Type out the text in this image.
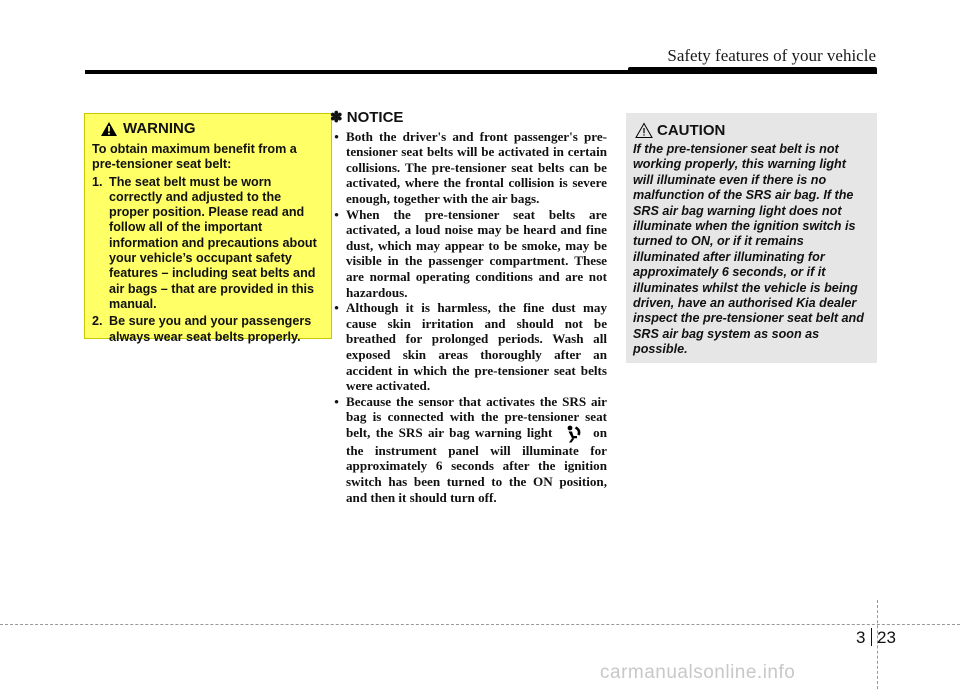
Safety features of your vehicle
WARNING
To obtain maximum benefit from a pre-tensioner seat belt:
1. The seat belt must be worn correctly and adjusted to the proper position. Please read and follow all of the important information and precautions about your vehicle’s occupant safety features – including seat belts and air bags – that are provided in this manual.
2. Be sure you and your passengers always wear seat belts properly.
✽ NOTICE
• Both the driver's and front passenger's pre-tensioner seat belts will be activated in certain collisions. The pre-tensioner seat belts can be activated, where the frontal collision is severe enough, together with the air bags.
• When the pre-tensioner seat belts are activated, a loud noise may be heard and fine dust, which may appear to be smoke, may be visible in the passenger compartment. These are normal operating conditions and are not hazardous.
• Although it is harmless, the fine dust may cause skin irritation and should not be breathed for prolonged periods. Wash all exposed skin areas thoroughly after an accident in which the pre-tensioner seat belts were activated.
• Because the sensor that activates the SRS air bag is connected with the pre-tensioner seat belt, the SRS air bag warning light	on the instrument panel will illuminate for approximately 6 seconds after the ignition switch has been turned to the ON position, and then it should turn off.
CAUTION
If the pre-tensioner seat belt is not working properly, this warning light will illuminate even if there is no malfunction of the SRS air bag. If the SRS air bag warning light does not illuminate when the ignition switch is turned to ON, or if it remains illuminated after illuminating for approximately 6 seconds, or if it illuminates whilst the vehicle is being driven, have an authorised Kia dealer inspect the pre-tensioner seat belt and SRS air bag system as soon as possible.
3 23
carmanualsonline.info
